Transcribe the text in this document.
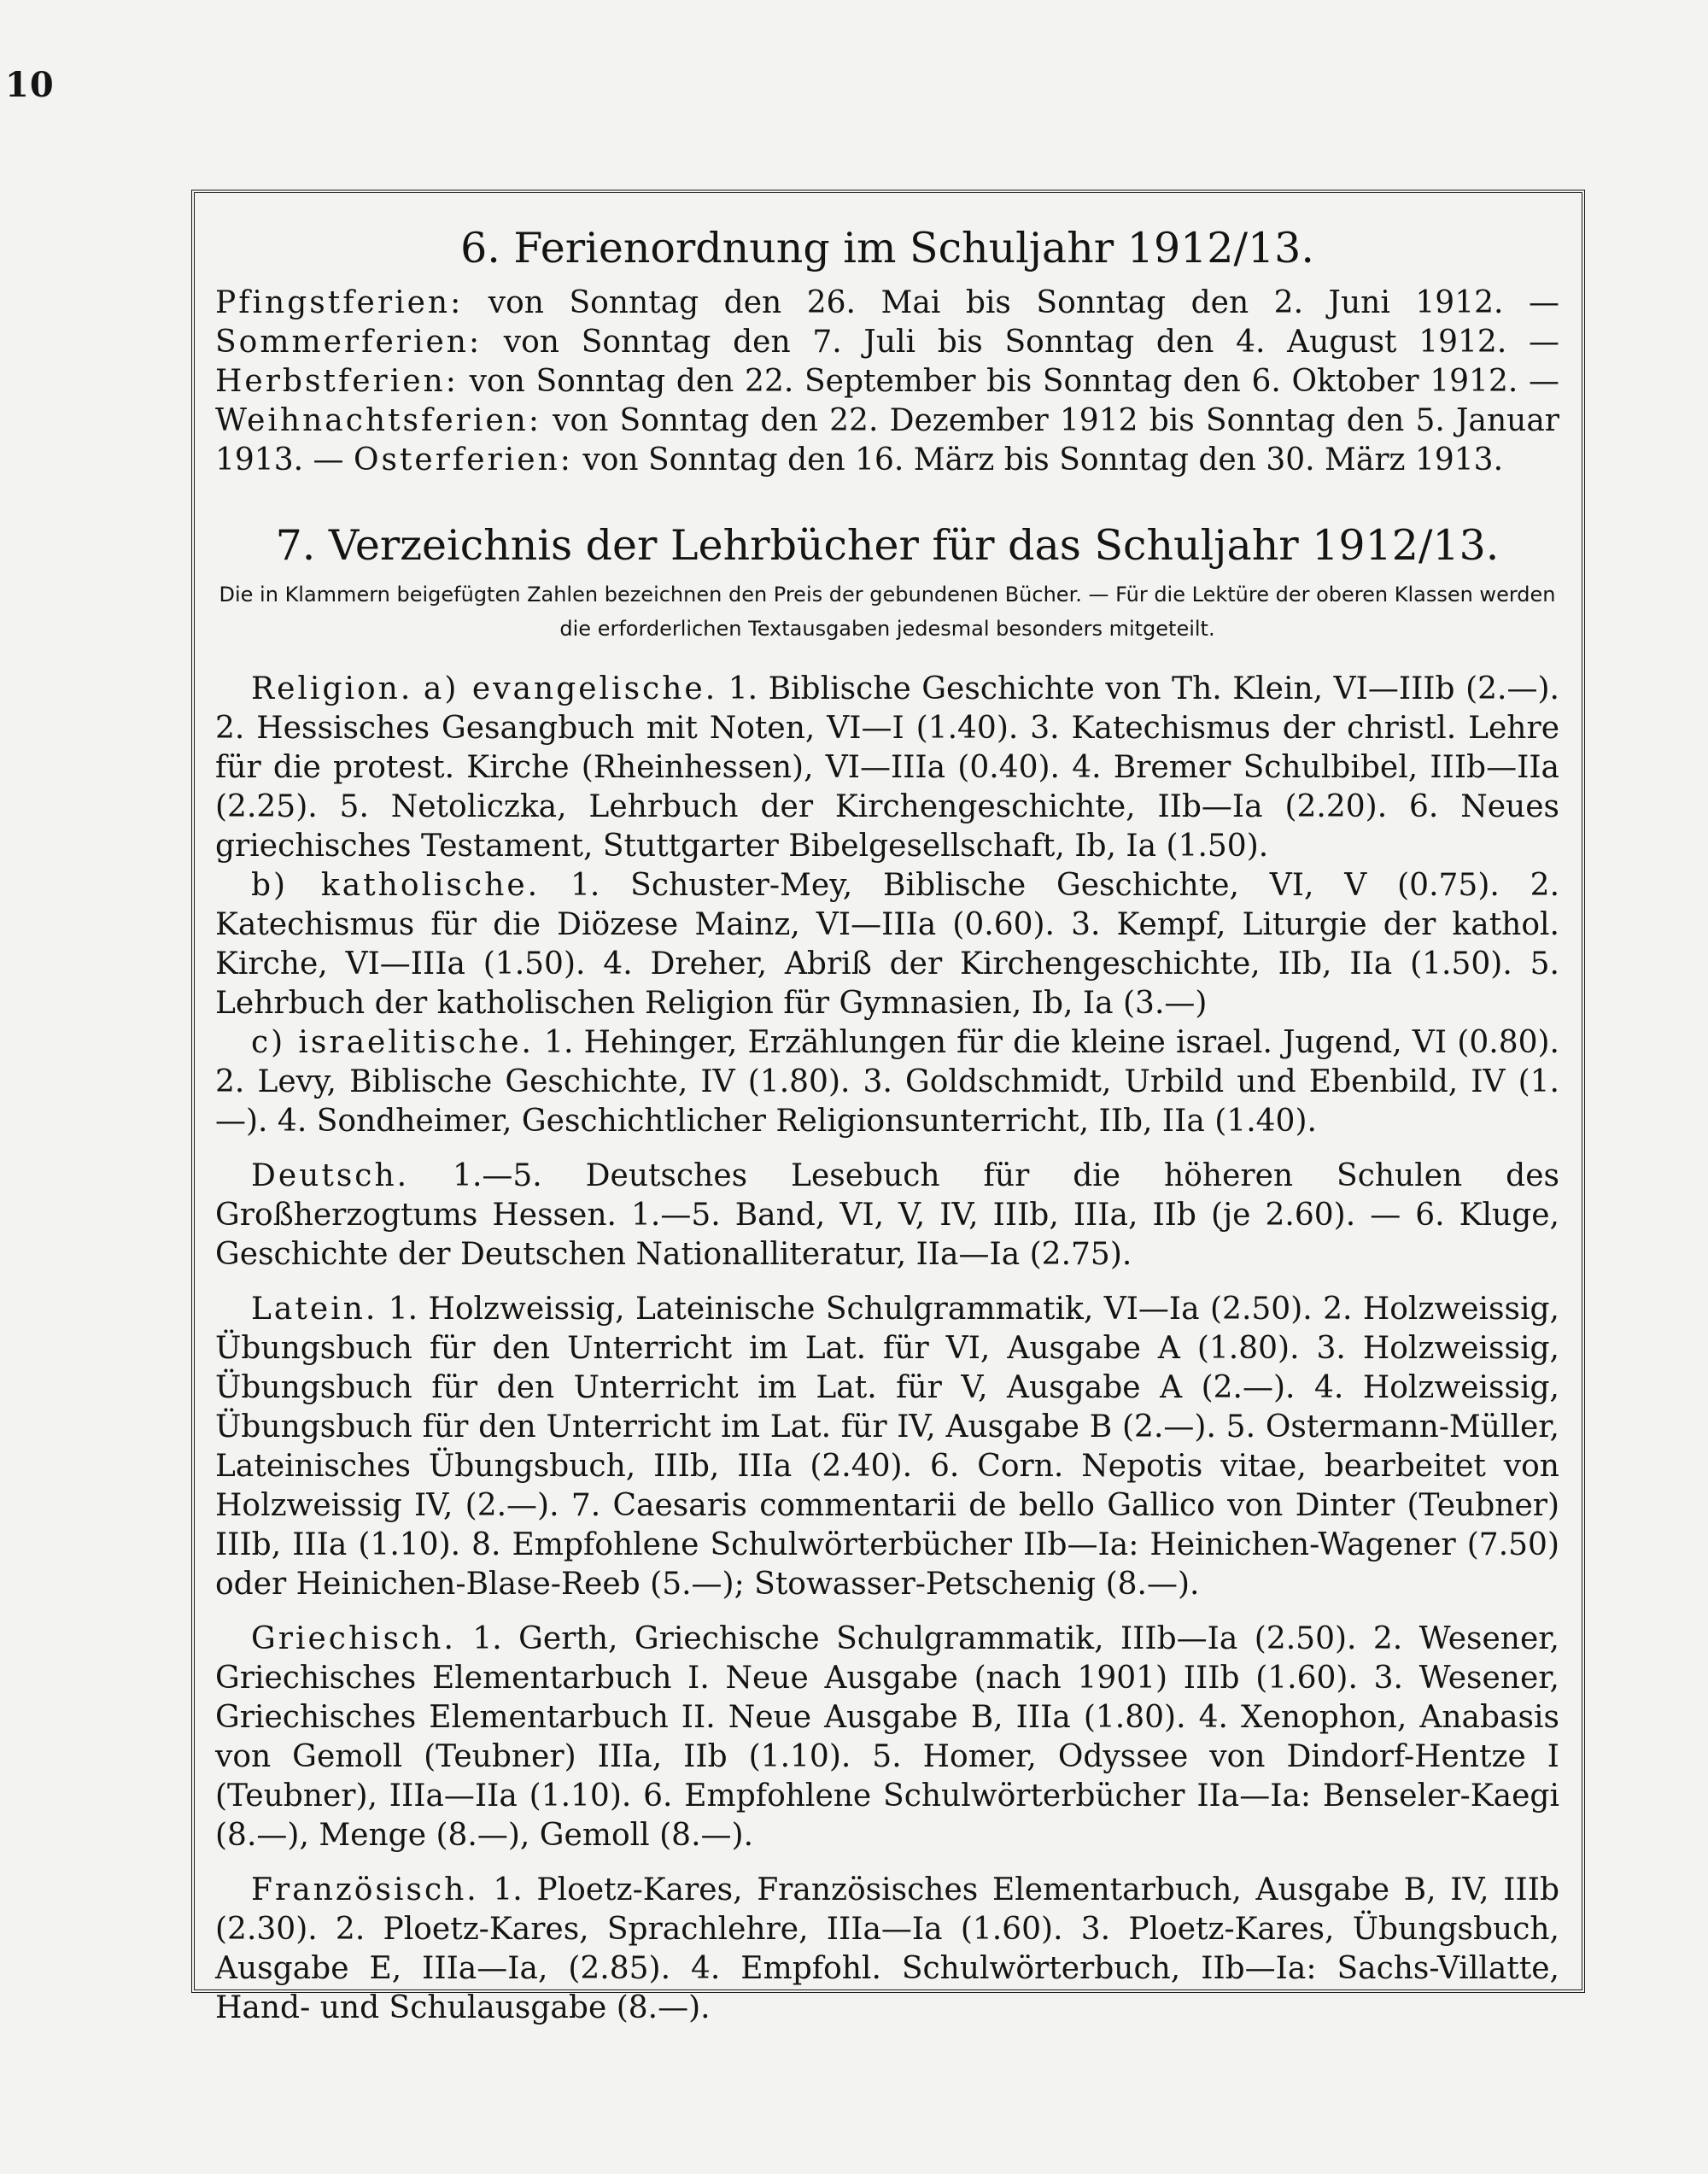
10
6. Ferienordnung im Schuljahr 1912/13.

Pfingstferien: von Sonntag den 26. Mai bis Sonntag den 2. Juni 1912. — Sommerferien: von Sonntag den 7. Juli bis Sonntag den 4. August 1912. — Herbstferien: von Sonntag den 22. September bis Sonntag den 6. Oktober 1912. — Weihnachtsferien: von Sonntag den 22. Dezember 1912 bis Sonntag den 5. Januar 1913. — Osterferien: von Sonntag den 16. März bis Sonntag den 30. März 1913.

7. Verzeichnis der Lehrbücher für das Schuljahr 1912/13.

Die in Klammern beigefügten Zahlen bezeichnen den Preis der gebundenen Bücher. — Für die Lektüre der oberen Klassen werden die erforderlichen Textausgaben jedesmal besonders mitgeteilt.

Religion. a) evangelische. 1. Biblische Geschichte von Th. Klein, VI—IIIb (2.—). 2. Hessisches Gesangbuch mit Noten, VI—I (1.40). 3. Katechismus der christl. Lehre für die protest. Kirche (Rheinhessen), VI—IIIa (0.40). 4. Bremer Schulbibel, IIIb—IIa (2.25). 5. Netoliczka, Lehrbuch der Kirchengeschichte, IIb—Ia (2.20). 6. Neues griechisches Testament, Stuttgarter Bibelgesellschaft, Ib, Ia (1.50).

b) katholische. 1. Schuster-Mey, Biblische Geschichte, VI, V (0.75). 2. Katechismus für die Diözese Mainz, VI—IIIa (0.60). 3. Kempf, Liturgie der kathol. Kirche, VI—IIIa (1.50). 4. Dreher, Abriß der Kirchengeschichte, IIb, IIa (1.50). 5. Lehrbuch der katholischen Religion für Gymnasien, Ib, Ia (3.—)

c) israelitische. 1. Hehinger, Erzählungen für die kleine israel. Jugend, VI (0.80). 2. Levy, Biblische Geschichte, IV (1.80). 3. Goldschmidt, Urbild und Ebenbild, IV (1.—). 4. Sondheimer, Geschichtlicher Religionsunterricht, IIb, IIa (1.40).

Deutsch. 1.—5. Deutsches Lesebuch für die höheren Schulen des Großherzogtums Hessen. 1.—5. Band, VI, V, IV, IIIb, IIIa, IIb (je 2.60). — 6. Kluge, Geschichte der Deutschen Nationalliteratur, IIa—Ia (2.75).

Latein. 1. Holzweissig, Lateinische Schulgrammatik, VI—Ia (2.50). 2. Holzweissig, Übungsbuch für den Unterricht im Lat. für VI, Ausgabe A (1.80). 3. Holzweissig, Übungsbuch für den Unterricht im Lat. für V, Ausgabe A (2.—). 4. Holzweissig, Übungsbuch für den Unterricht im Lat. für IV, Ausgabe B (2.—). 5. Ostermann-Müller, Lateinisches Übungsbuch, IIIb, IIIa (2.40). 6. Corn. Nepotis vitae, bearbeitet von Holzweissig IV, (2.—). 7. Caesaris commentarii de bello Gallico von Dinter (Teubner) IIIb, IIIa (1.10). 8. Empfohlene Schulwörterbücher IIb—Ia: Heinichen-Wagener (7.50) oder Heinichen-Blase-Reeb (5.—); Stowasser-Petschenig (8.—).

Griechisch. 1. Gerth, Griechische Schulgrammatik, IIIb—Ia (2.50). 2. Wesener, Griechisches Elementarbuch I. Neue Ausgabe (nach 1901) IIIb (1.60). 3. Wesener, Griechisches Elementarbuch II. Neue Ausgabe B, IIIa (1.80). 4. Xenophon, Anabasis von Gemoll (Teubner) IIIa, IIb (1.10). 5. Homer, Odyssee von Dindorf-Hentze I (Teubner), IIIa—IIa (1.10). 6. Empfohlene Schulwörterbücher IIa—Ia: Benseler-Kaegi (8.—), Menge (8.—), Gemoll (8.—).

Französisch. 1. Ploetz-Kares, Französisches Elementarbuch, Ausgabe B, IV, IIIb (2.30). 2. Ploetz-Kares, Sprachlehre, IIIa—Ia (1.60). 3. Ploetz-Kares, Übungsbuch, Ausgabe E, IIIa—Ia, (2.85). 4. Empfohl. Schulwörterbuch, IIb—Ia: Sachs-Villatte, Hand- und Schulausgabe (8.—).
